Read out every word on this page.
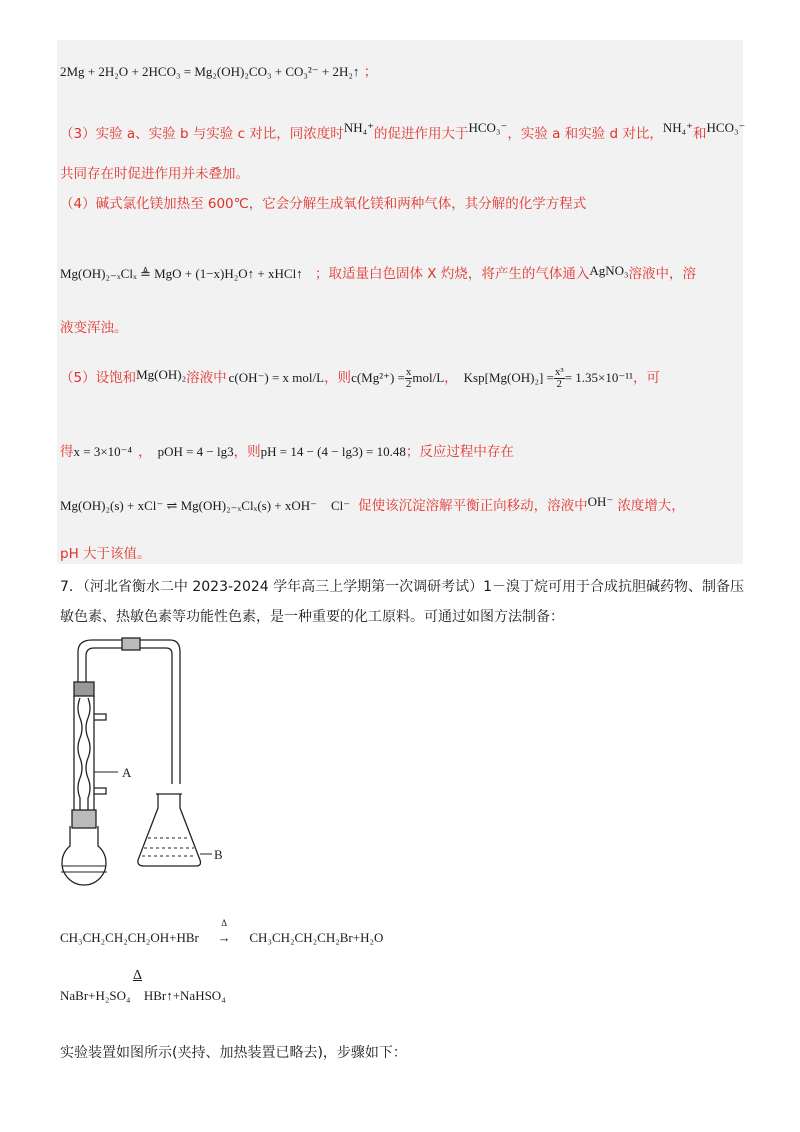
2Mg + 2H₂O + 2HCO₃ = Mg₂(OH)₂CO₃ + CO₃²⁻ + 2H₂↑ ；
（3）实验 a、实验 b 与实验 c 对比，同浓度时NH₄⁺的促进作用大于HCO₃⁻，实验 a 和实验 d 对比，NH₄⁺和HCO₃⁻
共同存在时促进作用并未叠加。
（4）碱式氯化镁加热至 600℃，它会分解生成氧化镁和两种气体，其分解的化学方程式
Mg(OH)₂₋ₓClₓ ≜ MgO + (1−x)H₂O↑ + xHCl↑ ；取适量白色固体 X 灼烧，将产生的气体通入AgNO₃溶液中，溶
液变浑浊。
（5）设饱和Mg(OH)₂溶液中 c(OH⁻) = x mol/L，则$c(Mg^{2+}) = \frac{x}{2} mol/L$， $Ksp[Mg(OH)_2] = \frac{\text{x³}}{2} = 1.35\times 10^{-11}$，可
得x = 3×10⁻⁴ ， pOH = 4 − lg3，则pH = 14 − (4 − lg3) = 10.48；反应过程中存在
Mg(OH)₂(s) + xCl⁻ ⇌ Mg(OH)₂₋ₓClₓ(s) + xOH⁻ Cl⁻ 促使该沉淀溶解平衡正向移动，溶液中OH⁻ 浓度增大，
pH 大于该值。
7．（河北省衡水二中 2023-2024 学年高三上学期第一次调研考试）1－溴丁烷可用于合成抗胆碱药物、制备压
敏色素、热敏色素等功能性色素，是一种重要的化工原料。可通过如图方法制备：
A
B
CH₃CH₂CH₂CH₂OH+HBr
Δ
→ CH₃CH₂CH₂CH₂Br+H₂O
Δ
NaBr+H₂SO₄ HBr↑+NaHSO₄
实验装置如图所示(夹持、加热装置已略去)，步骤如下：
